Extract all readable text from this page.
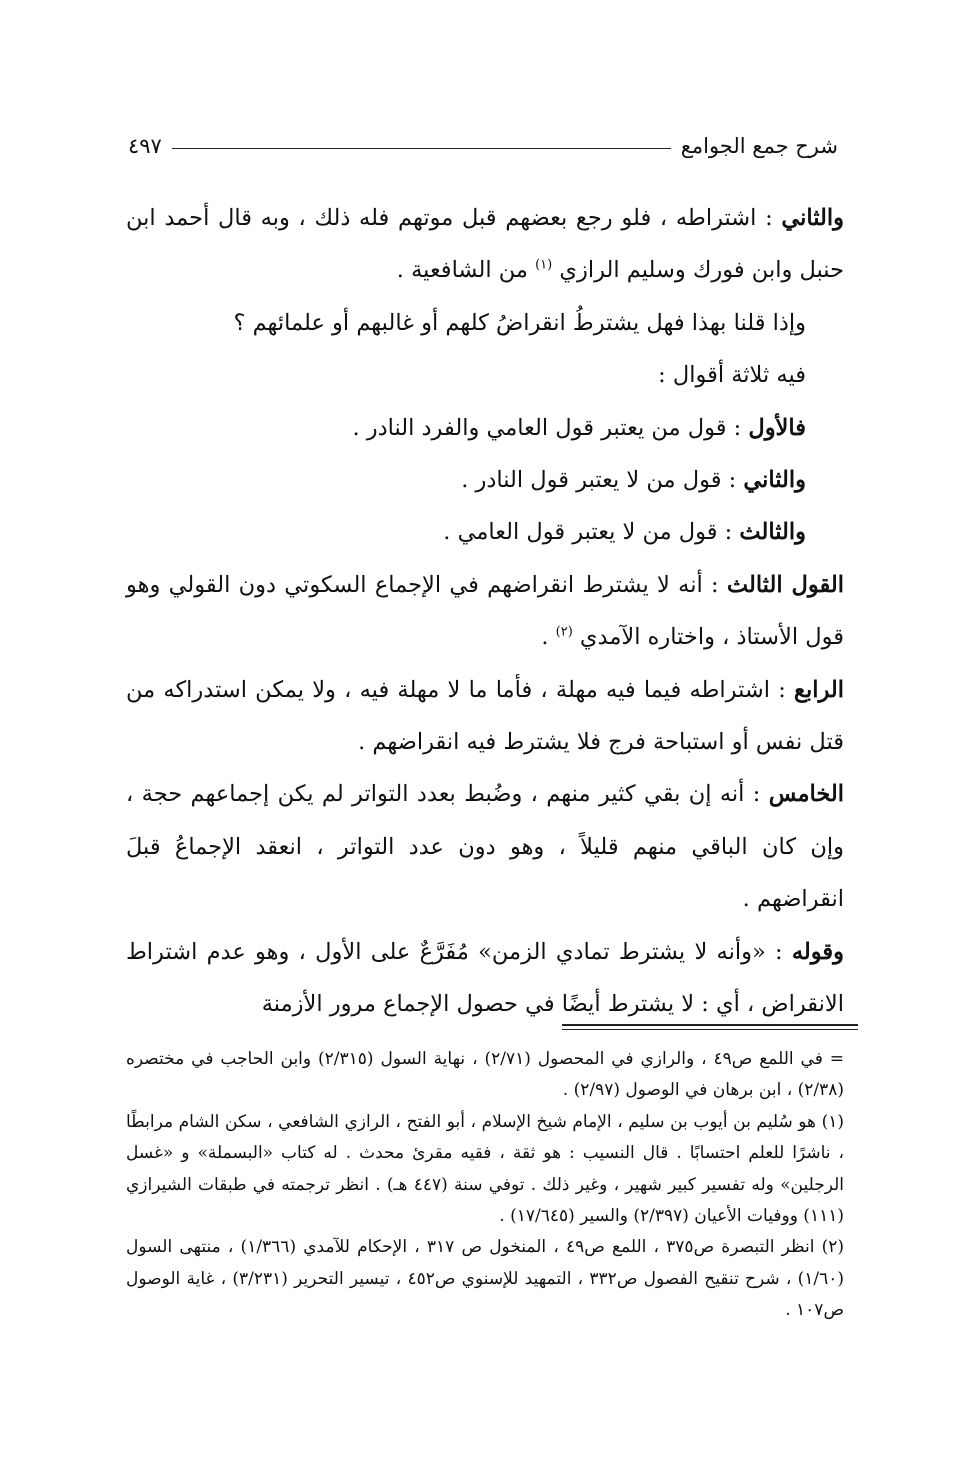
شرح جمع الجوامع
٤٩٧

والثاني : اشتراطه ، فلو رجع بعضهم قبل موتهم فله ذلك ، وبه قال أحمد ابن حنبل وابن فورك وسليم الرازي $^{(١)}$ من الشافعية .

وإذا قلنا بهذا فهل يشترطُ انقراضُ كلهم أو غالبهم أو علمائهم ؟

فيه ثلاثة أقوال :

فالأول : قول من يعتبر قول العامي والفرد النادر .

والثاني : قول من لا يعتبر قول النادر .

والثالث : قول من لا يعتبر قول العامي .

القول الثالث : أنه لا يشترط انقراضهم في الإجماع السكوتي دون القولي وهو قول الأستاذ ، واختاره الآمدي $^{(٢)}$ .

الرابع : اشتراطه فيما فيه مهلة ، فأما ما لا مهلة فيه ، ولا يمكن استدراكه من قتل نفس أو استباحة فرج فلا يشترط فيه انقراضهم .

الخامس : أنه إن بقي كثير منهم ، وضُبط بعدد التواتر لم يكن إجماعهم حجة ، وإن كان الباقي منهم قليلاً ، وهو دون عدد التواتر ، انعقد الإجماعُ قبلَ انقراضهم .

وقوله : «وأنه لا يشترط تمادي الزمن» مُفَرَّعٌ على الأول ، وهو عدم اشتراط الانقراض ، أي : لا يشترط أيضًا في حصول الإجماع مرور الأزمنة

= في اللمع ص٤٩ ، والرازي في المحصول (٢/٧١) ، نهاية السول (٢/٣١٥) وابن الحاجب في مختصره (٢/٣٨) ، ابن برهان في الوصول (٢/٩٧) .

(١) هو سُليم بن أيوب بن سليم ، الإمام شيخ الإسلام ، أبو الفتح ، الرازي الشافعي ، سكن الشام مرابطًا ، ناشرًا للعلم احتسابًا . قال النسيب : هو ثقة ، فقيه مقرئ محدث . له كتاب «البسملة» و «غسل الرجلين» وله تفسير كبير شهير ، وغير ذلك . توفي سنة (٤٤٧ هـ) . انظر ترجمته في طبقات الشيرازي (١١١) ووفيات الأعيان (٢/٣٩٧) والسير (١٧/٦٤٥) .

(٢) انظر التبصرة ص٣٧٥ ، اللمع ص٤٩ ، المنخول ص ٣١٧ ، الإحكام للآمدي (١/٣٦٦) ، منتهى السول (١/٦٠) ، شرح تنقيح الفصول ص٣٣٢ ، التمهيد للإسنوي ص٤٥٢ ، تيسير التحرير (٣/٢٣١) ، غاية الوصول ص١٠٧ .
